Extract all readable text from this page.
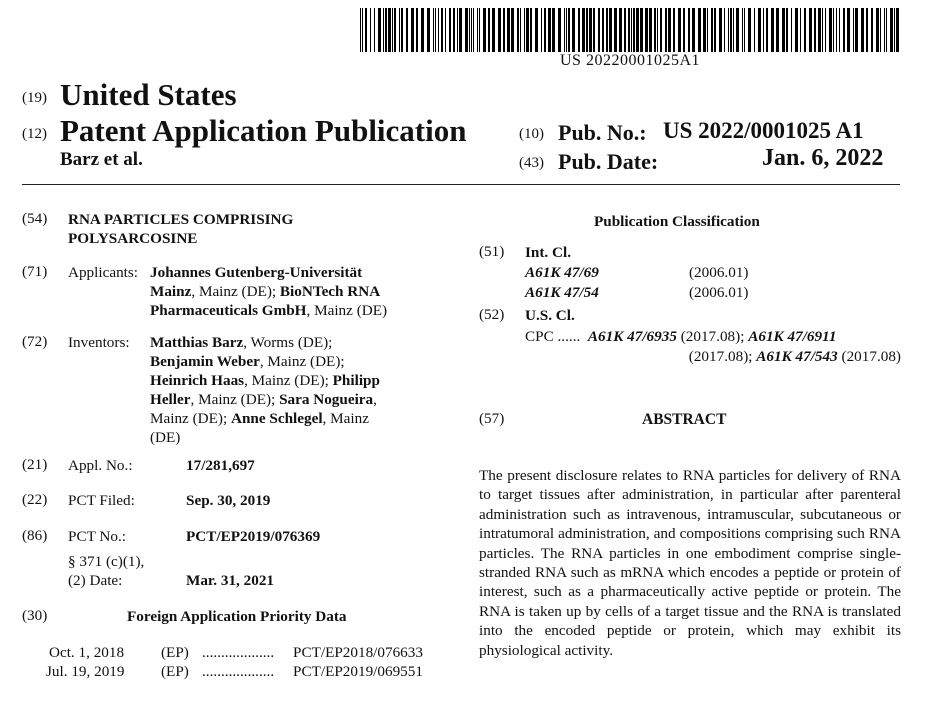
US 20220001025A1
(19) United States
(12) Patent Application Publication
Barz et al.
(10) Pub. No.: US 2022/0001025 A1
(43) Pub. Date:	Jan. 6, 2022
(54) RNA PARTICLES COMPRISING
POLYSARCOSINE
(71) Applicants: Johannes Gutenberg-Universität
Mainz, Mainz (DE); BioNTech RNA
Pharmaceuticals GmbH, Mainz (DE)
(72) Inventors: Matthias Barz, Worms (DE);
Benjamin Weber, Mainz (DE);
Heinrich Haas, Mainz (DE); Philipp
Heller, Mainz (DE); Sara Nogueira,
Mainz (DE); Anne Schlegel, Mainz
(DE)
(21) Appl. No.:	17/281,697
(22) PCT Filed:	Sep. 30, 2019
(86) PCT No.:	PCT/EP2019/076369
§ 371 (c)(1),
(2) Date:	Mar. 31, 2021
(30)	Foreign Application Priority Data
Oct. 1, 2018 (EP) ................... PCT/EP2018/076633
Jul. 19, 2019 (EP) ................... PCT/EP2019/069551
Publication Classification
(51) Int. Cl.
A61K 47/69	(2006.01)
A61K 47/54	(2006.01)
(52) U.S. Cl.
CPC ...... A61K 47/6935 (2017.08); A61K 47/6911
(2017.08); A61K 47/543 (2017.08)
(57)	ABSTRACT
The present disclosure relates to RNA particles for delivery of RNA to target tissues after administration, in particular after parenteral administration such as intravenous, intramuscular, subcutaneous or intratumoral administration, and compositions comprising such RNA particles. The RNA particles in one embodiment comprise single-stranded RNA such as mRNA which encodes a peptide or protein of interest, such as a pharmaceutically active peptide or protein. The RNA is taken up by cells of a target tissue and the RNA is translated into the encoded peptide or protein, which may exhibit its physiological activity.
